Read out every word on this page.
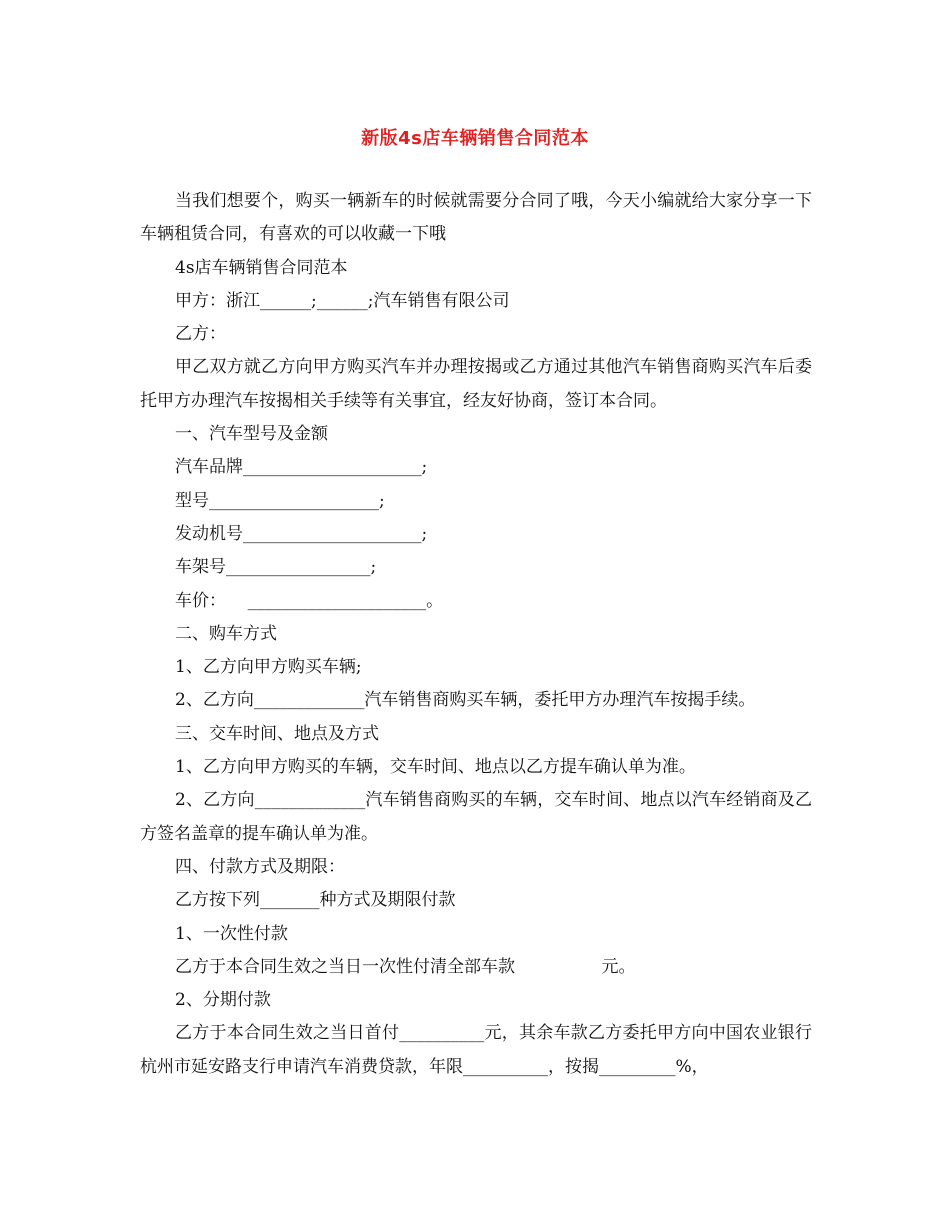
新版4s店车辆销售合同范本

当我们想要个，购买一辆新车的时候就需要分合同了哦，今天小编就给大家分享一下车辆租赁合同，有喜欢的可以收藏一下哦

4s店车辆销售合同范本

甲方：浙江______;______;汽车销售有限公司

乙方：

甲乙双方就乙方向甲方购买汽车并办理按揭或乙方通过其他汽车销售商购买汽车后委托甲方办理汽车按揭相关手续等有关事宜，经友好协商，签订本合同。

一、汽车型号及金额

汽车品牌_____________________;

型号____________________;

发动机号_____________________;

车架号_________________;

车价：    _____________________。

二、购车方式

1、乙方向甲方购买车辆;

2、乙方向_____________汽车销售商购买车辆，委托甲方办理汽车按揭手续。

三、交车时间、地点及方式

1、乙方向甲方购买的车辆，交车时间、地点以乙方提车确认单为准。

2、乙方向_____________汽车销售商购买的车辆，交车时间、地点以汽车经销商及乙方签名盖章的提车确认单为准。

四、付款方式及期限：

乙方按下列_______种方式及期限付款

1、一次性付款

乙方于本合同生效之当日一次性付清全部车款                元。

2、分期付款

乙方于本合同生效之当日首付__________元，其余车款乙方委托甲方向中国农业银行杭州市延安路支行申请汽车消费贷款，年限__________，按揭_________%，
